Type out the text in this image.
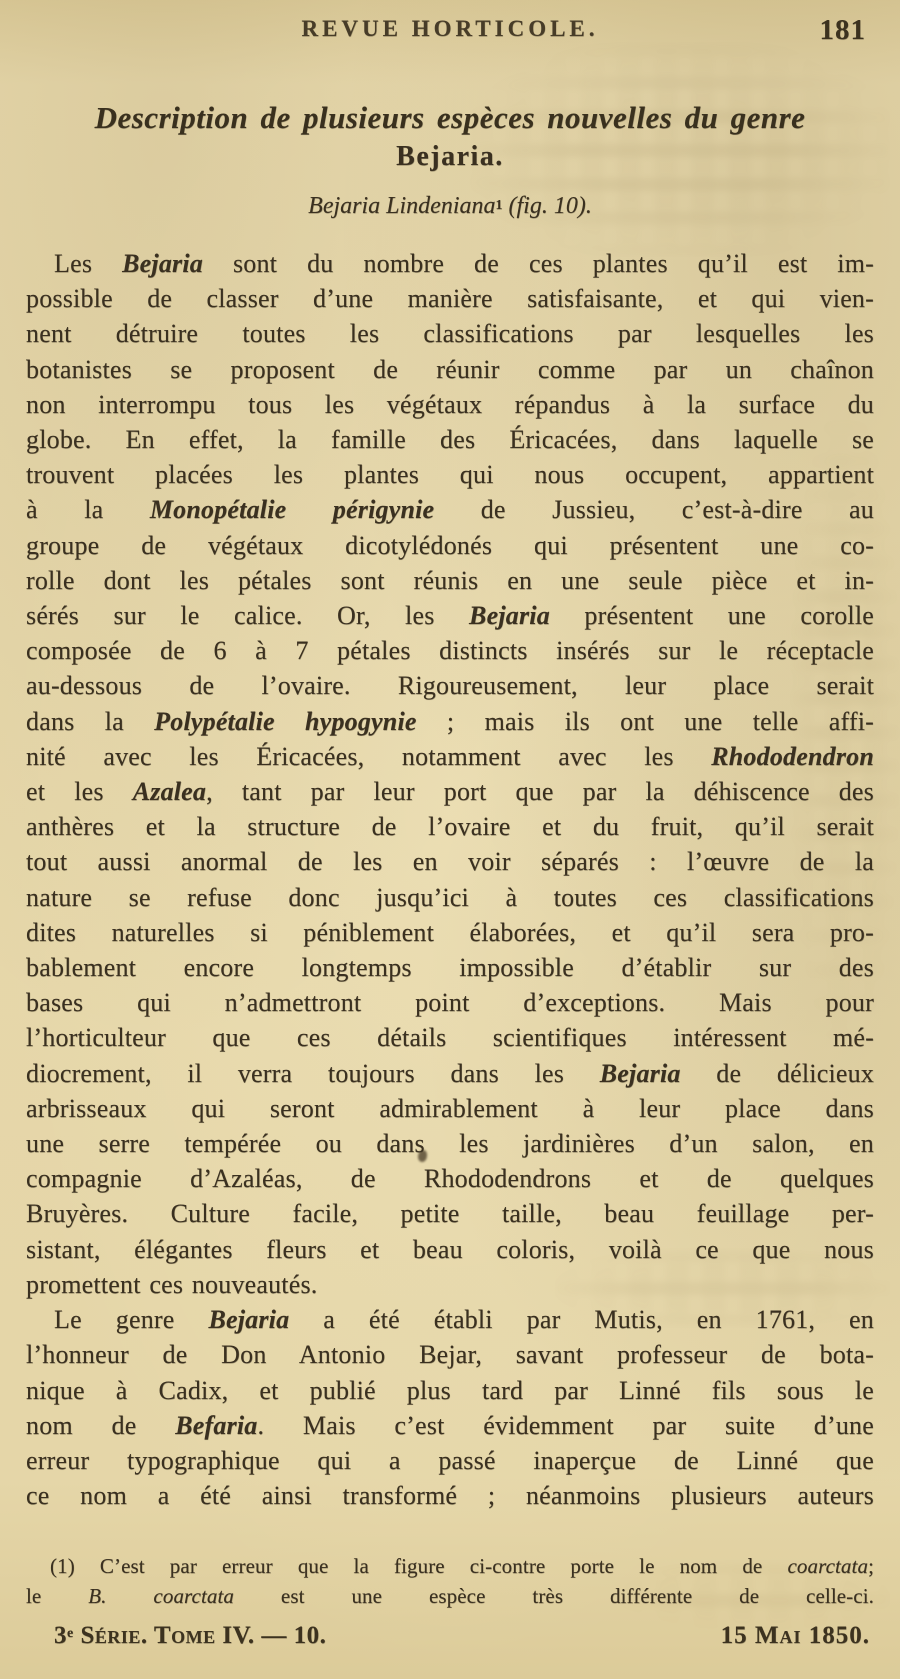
REVUE HORTICOLE.	181
Description de plusieurs espèces nouvelles du genre
Bejaria.
Bejaria Lindeniana$^1$ (fig. 10).
Les Bejaria sont du nombre de ces plantes qu’il est im-
possible de classer d’une manière satisfaisante, et qui vien-
nent détruire toutes les classifications par lesquelles les
botanistes se proposent de réunir comme par un chaînon
non interrompu tous les végétaux répandus à la surface du
globe. En effet, la famille des Éricacées, dans laquelle se
trouvent placées les plantes qui nous occupent, appartient
à la Monopétalie périgynie de Jussieu, c’est-à-dire au
groupe de végétaux dicotylédonés qui présentent une co-
rolle dont les pétales sont réunis en une seule pièce et in-
sérés sur le calice. Or, les Bejaria présentent une corolle
composée de 6 à 7 pétales distincts insérés sur le réceptacle
au-dessous de l’ovaire. Rigoureusement, leur place serait
dans la Polypétalie hypogynie ; mais ils ont une telle affi-
nité avec les Éricacées, notamment avec les Rhododendron
et les Azalea, tant par leur port que par la déhiscence des
anthères et la structure de l’ovaire et du fruit, qu’il serait
tout aussi anormal de les en voir séparés : l’œuvre de la
nature se refuse donc jusqu’ici à toutes ces classifications
dites naturelles si péniblement élaborées, et qu’il sera pro-
bablement encore longtemps impossible d’établir sur des
bases qui n’admettront point d’exceptions. Mais pour
l’horticulteur que ces détails scientifiques intéressent mé-
diocrement, il verra toujours dans les Bejaria de délicieux
arbrisseaux qui seront admirablement à leur place dans
une serre tempérée ou dans les jardinières d’un salon, en
compagnie d’Azaléas, de Rhododendrons et de quelques
Bruyères. Culture facile, petite taille, beau feuillage per-
sistant, élégantes fleurs et beau coloris, voilà ce que nous
promettent ces nouveautés.
Le genre Bejaria a été établi par Mutis, en 1761, en
l’honneur de Don Antonio Bejar, savant professeur de bota-
nique à Cadix, et publié plus tard par Linné fils sous le
nom de Befaria. Mais c’est évidemment par suite d’une
erreur typographique qui a passé inaperçue de Linné que
ce nom a été ainsi transformé ; néanmoins plusieurs auteurs
(1) C’est par erreur que la figure ci-contre porte le nom de coarctata;
le B. coarctata est une espèce très différente de celle-ci.
3e Série. Tome IV. — 10.	15 Mai 1850.
